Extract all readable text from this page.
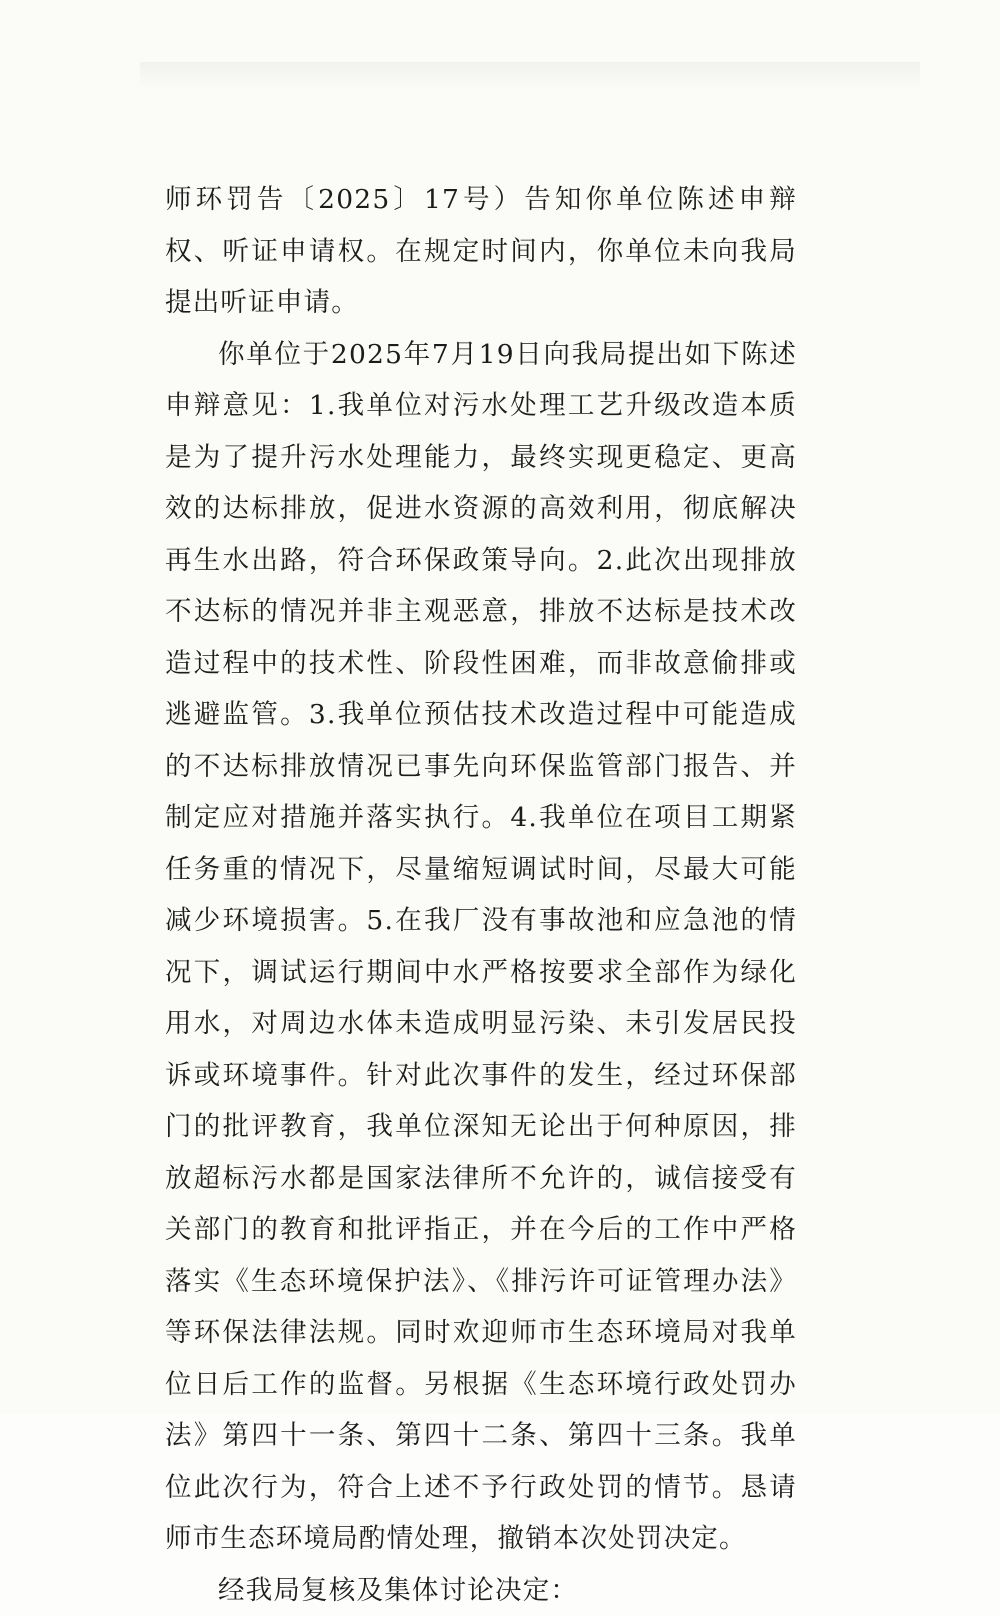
师环罚告〔2025〕17号）告知你单位陈述申辩权、听证申请权。在规定时间内，你单位未向我局提出听证申请。

你单位于2025年7月19日向我局提出如下陈述申辩意见：1.我单位对污水处理工艺升级改造本质是为了提升污水处理能力，最终实现更稳定、更高效的达标排放，促进水资源的高效利用，彻底解决再生水出路，符合环保政策导向。2.此次出现排放不达标的情况并非主观恶意，排放不达标是技术改造过程中的技术性、阶段性困难，而非故意偷排或逃避监管。3.我单位预估技术改造过程中可能造成的不达标排放情况已事先向环保监管部门报告、并制定应对措施并落实执行。4.我单位在项目工期紧任务重的情况下，尽量缩短调试时间，尽最大可能减少环境损害。5.在我厂没有事故池和应急池的情况下，调试运行期间中水严格按要求全部作为绿化用水，对周边水体未造成明显污染、未引发居民投诉或环境事件。针对此次事件的发生，经过环保部门的批评教育，我单位深知无论出于何种原因，排放超标污水都是国家法律所不允许的，诚信接受有关部门的教育和批评指正，并在今后的工作中严格落实《生态环境保护法》、《排污许可证管理办法》等环保法律法规。同时欢迎师市生态环境局对我单位日后工作的监督。另根据《生态环境行政处罚办法》第四十一条、第四十二条、第四十三条。我单位此次行为，符合上述不予行政处罚的情节。恳请师市生态环境局酌情处理，撤销本次处罚决定。

经我局复核及集体讨论决定：
